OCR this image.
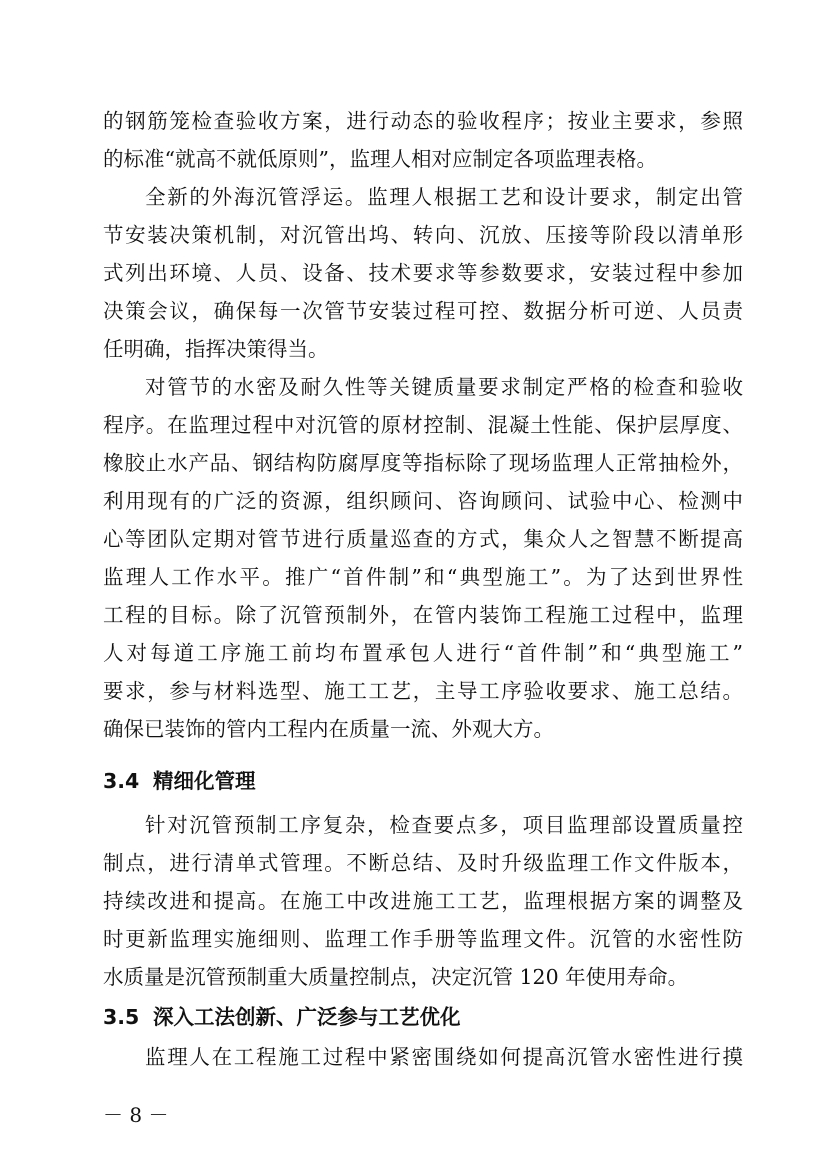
的钢筋笼检查验收方案，进行动态的验收程序；按业主要求，参照
的标准“就高不就低原则”，监理人相对应制定各项监理表格。
全新的外海沉管浮运。监理人根据工艺和设计要求，制定出管
节安装决策机制，对沉管出坞、转向、沉放、压接等阶段以清单形
式列出环境、人员、设备、技术要求等参数要求，安装过程中参加
决策会议，确保每一次管节安装过程可控、数据分析可逆、人员责
任明确，指挥决策得当。
对管节的水密及耐久性等关键质量要求制定严格的检查和验收
程序。在监理过程中对沉管的原材控制、混凝土性能、保护层厚度、
橡胶止水产品、钢结构防腐厚度等指标除了现场监理人正常抽检外，
利用现有的广泛的资源，组织顾问、咨询顾问、试验中心、检测中
心等团队定期对管节进行质量巡查的方式，集众人之智慧不断提高
监理人工作水平。推广“首件制”和“典型施工”。为了达到世界性
工程的目标。除了沉管预制外，在管内装饰工程施工过程中，监理
人对每道工序施工前均布置承包人进行“首件制”和“典型施工”
要求，参与材料选型、施工工艺，主导工序验收要求、施工总结。
确保已装饰的管内工程内在质量一流、外观大方。
3.4 精细化管理
针对沉管预制工序复杂，检查要点多，项目监理部设置质量控
制点，进行清单式管理。不断总结、及时升级监理工作文件版本，
持续改进和提高。在施工中改进施工工艺，监理根据方案的调整及
时更新监理实施细则、监理工作手册等监理文件。沉管的水密性防
水质量是沉管预制重大质量控制点，决定沉管 120 年使用寿命。
3.5 深入工法创新、广泛参与工艺优化
监理人在工程施工过程中紧密围绕如何提高沉管水密性进行摸
－ 8 －
